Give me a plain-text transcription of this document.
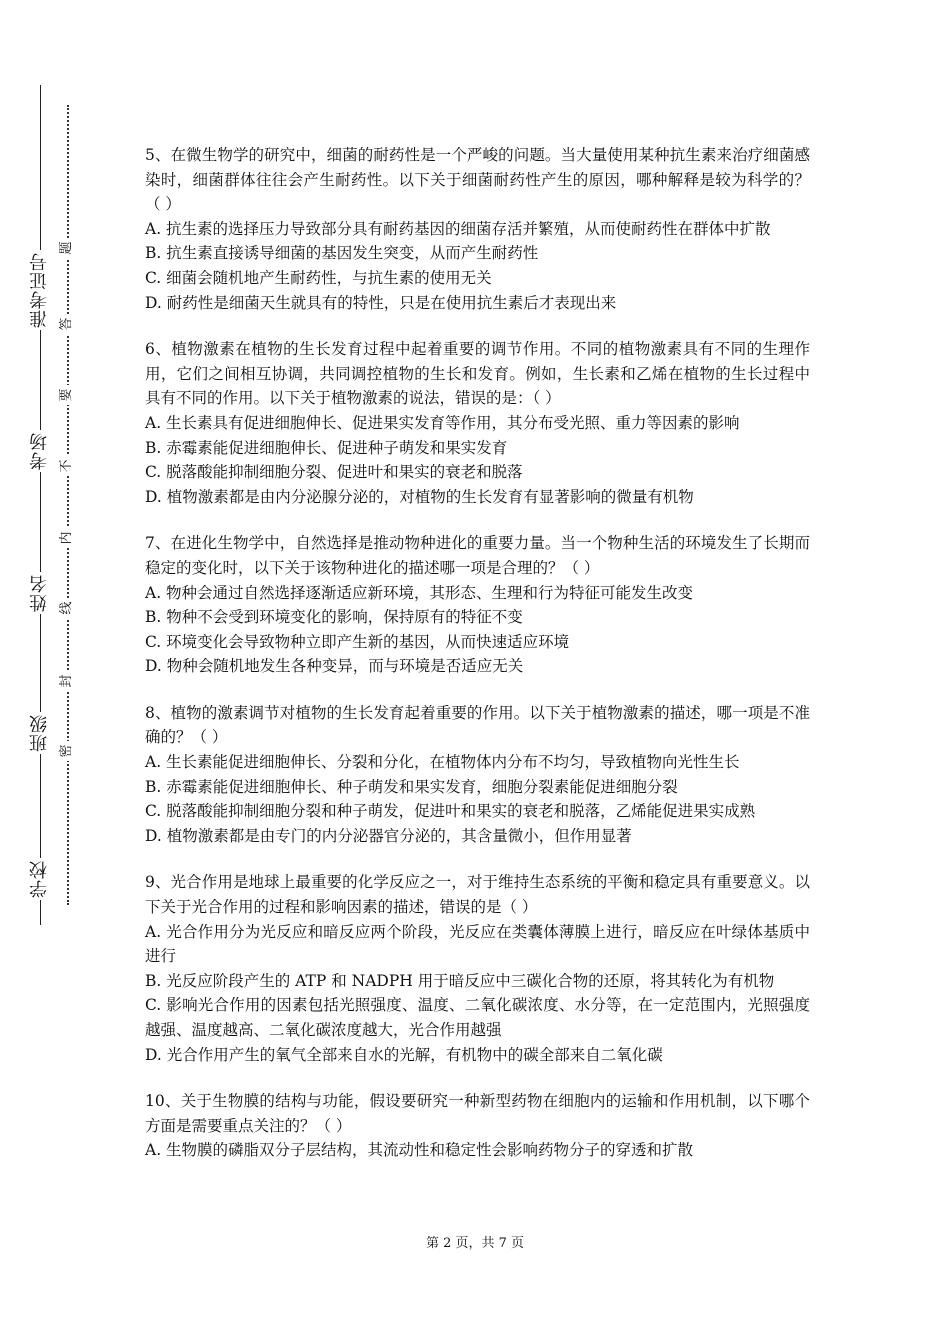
准考证号
考场
姓名
班级
学校
题
答
要
不
内
线
封
密
5、在微生物学的研究中，细菌的耐药性是一个严峻的问题。当大量使用某种抗生素来治疗细菌感染时，细菌群体往往会产生耐药性。以下关于细菌耐药性产生的原因，哪种解释是较为科学的？（ ）
A. 抗生素的选择压力导致部分具有耐药基因的细菌存活并繁殖，从而使耐药性在群体中扩散
B. 抗生素直接诱导细菌的基因发生突变，从而产生耐药性
C. 细菌会随机地产生耐药性，与抗生素的使用无关
D. 耐药性是细菌天生就具有的特性，只是在使用抗生素后才表现出来
6、植物激素在植物的生长发育过程中起着重要的调节作用。不同的植物激素具有不同的生理作用，它们之间相互协调，共同调控植物的生长和发育。例如，生长素和乙烯在植物的生长过程中具有不同的作用。以下关于植物激素的说法，错误的是：（ ）
A. 生长素具有促进细胞伸长、促进果实发育等作用，其分布受光照、重力等因素的影响
B. 赤霉素能促进细胞伸长、促进种子萌发和果实发育
C. 脱落酸能抑制细胞分裂、促进叶和果实的衰老和脱落
D. 植物激素都是由内分泌腺分泌的，对植物的生长发育有显著影响的微量有机物
7、在进化生物学中，自然选择是推动物种进化的重要力量。当一个物种生活的环境发生了长期而稳定的变化时，以下关于该物种进化的描述哪一项是合理的？（ ）
A. 物种会通过自然选择逐渐适应新环境，其形态、生理和行为特征可能发生改变
B. 物种不会受到环境变化的影响，保持原有的特征不变
C. 环境变化会导致物种立即产生新的基因，从而快速适应环境
D. 物种会随机地发生各种变异，而与环境是否适应无关
8、植物的激素调节对植物的生长发育起着重要的作用。以下关于植物激素的描述，哪一项是不准确的？（ ）
A. 生长素能促进细胞伸长、分裂和分化，在植物体内分布不均匀，导致植物向光性生长
B. 赤霉素能促进细胞伸长、种子萌发和果实发育，细胞分裂素能促进细胞分裂
C. 脱落酸能抑制细胞分裂和种子萌发，促进叶和果实的衰老和脱落，乙烯能促进果实成熟
D. 植物激素都是由专门的内分泌器官分泌的，其含量微小，但作用显著
9、光合作用是地球上最重要的化学反应之一，对于维持生态系统的平衡和稳定具有重要意义。以下关于光合作用的过程和影响因素的描述，错误的是（ ）
A. 光合作用分为光反应和暗反应两个阶段，光反应在类囊体薄膜上进行，暗反应在叶绿体基质中进行
B. 光反应阶段产生的 ATP 和 NADPH 用于暗反应中三碳化合物的还原，将其转化为有机物
C. 影响光合作用的因素包括光照强度、温度、二氧化碳浓度、水分等，在一定范围内，光照强度越强、温度越高、二氧化碳浓度越大，光合作用越强
D. 光合作用产生的氧气全部来自水的光解，有机物中的碳全部来自二氧化碳
10、关于生物膜的结构与功能，假设要研究一种新型药物在细胞内的运输和作用机制，以下哪个方面是需要重点关注的？（ ）
A. 生物膜的磷脂双分子层结构，其流动性和稳定性会影响药物分子的穿透和扩散
第 2 页，共 7 页
